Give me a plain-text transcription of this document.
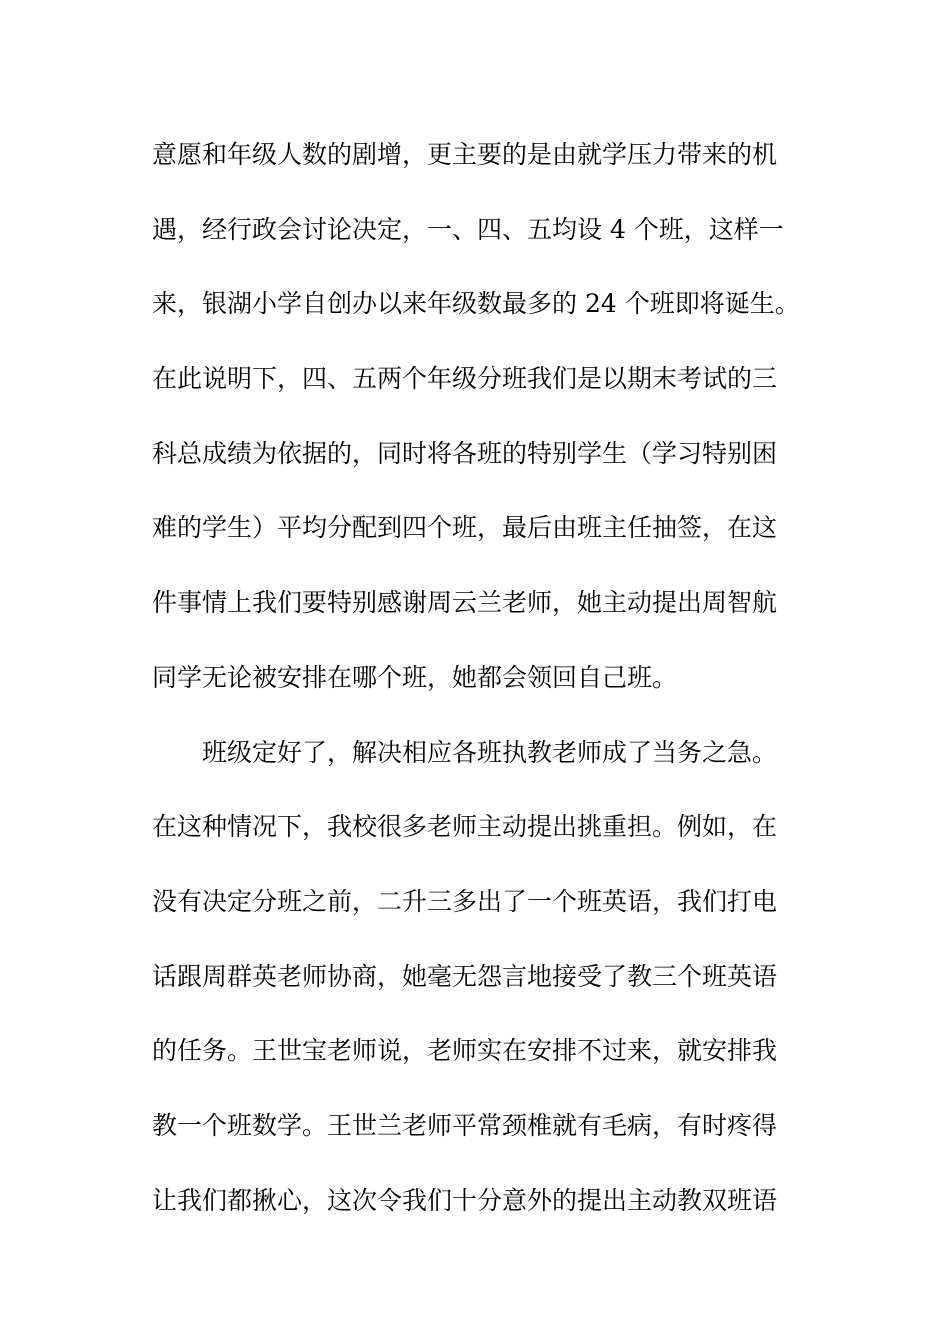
意愿和年级人数的剧增，更主要的是由就学压力带来的机
遇，经行政会讨论决定，一、四、五均设 4 个班，这样一
来，银湖小学自创办以来年级数最多的 24 个班即将诞生。
在此说明下，四、五两个年级分班我们是以期末考试的三
科总成绩为依据的，同时将各班的特别学生（学习特别困
难的学生）平均分配到四个班，最后由班主任抽签，在这
件事情上我们要特别感谢周云兰老师，她主动提出周智航
同学无论被安排在哪个班，她都会领回自己班。
班级定好了，解决相应各班执教老师成了当务之急。
在这种情况下，我校很多老师主动提出挑重担。例如，在
没有决定分班之前，二升三多出了一个班英语，我们打电
话跟周群英老师协商，她毫无怨言地接受了教三个班英语
的任务。王世宝老师说，老师实在安排不过来，就安排我
教一个班数学。王世兰老师平常颈椎就有毛病，有时疼得
让我们都揪心，这次令我们十分意外的提出主动教双班语
